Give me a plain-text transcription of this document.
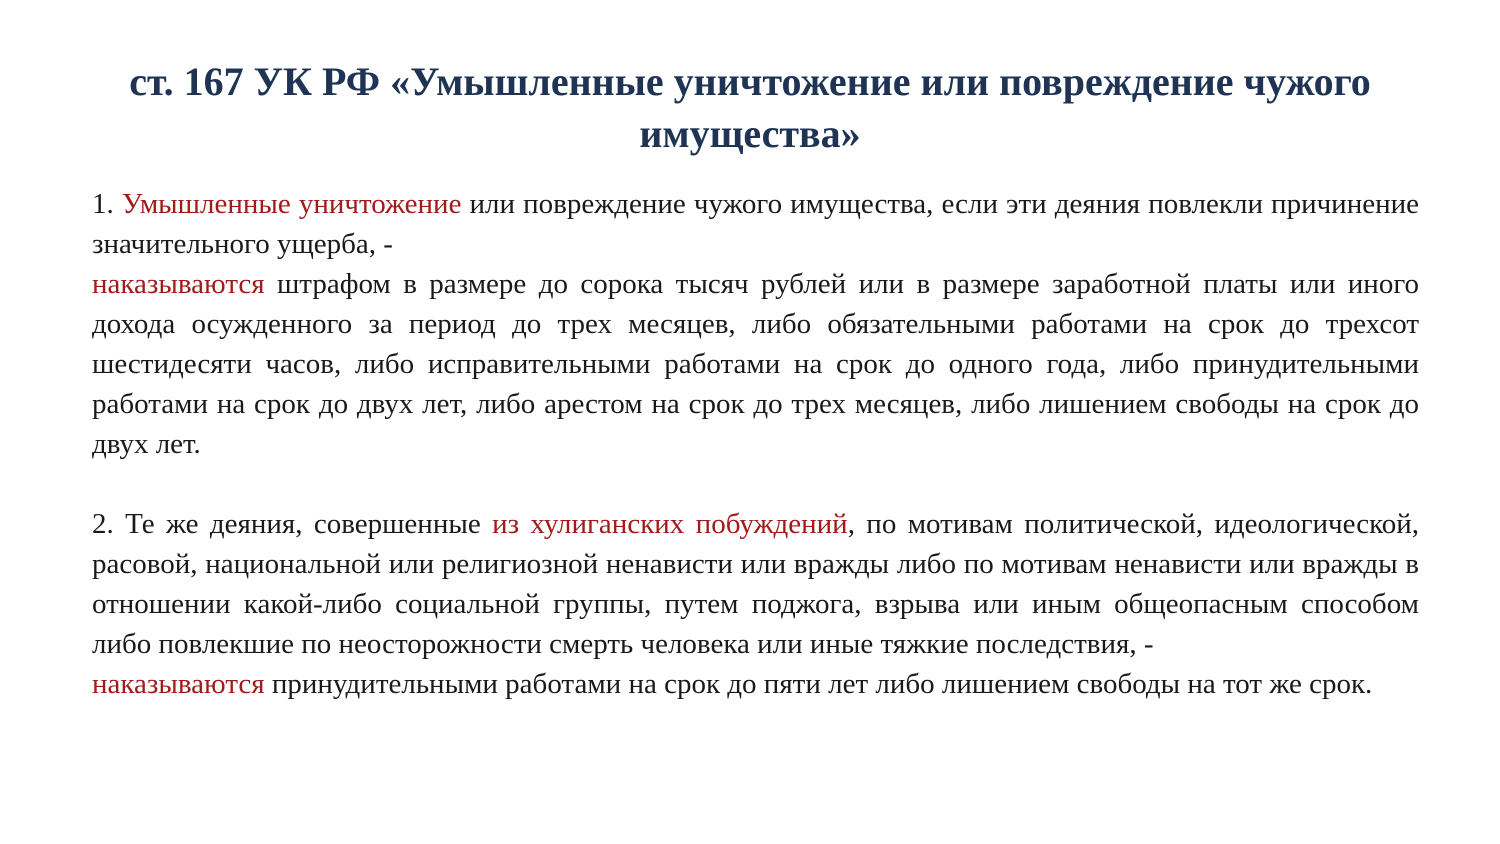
ст. 167 УК РФ «Умышленные уничтожение или повреждение чужого имущества»

1. Умышленные уничтожение или повреждение чужого имущества, если эти деяния повлекли причинение значительного ущерба, -

наказываются штрафом в размере до сорока тысяч рублей или в размере заработной платы или иного дохода осужденного за период до трех месяцев, либо обязательными работами на срок до трехсот шестидесяти часов, либо исправительными работами на срок до одного года, либо принудительными работами на срок до двух лет, либо арестом на срок до трех месяцев, либо лишением свободы на срок до двух лет.

2. Те же деяния, совершенные из хулиганских побуждений, по мотивам политической, идеологической, расовой, национальной или религиозной ненависти или вражды либо по мотивам ненависти или вражды в отношении какой-либо социальной группы, путем поджога, взрыва или иным общеопасным способом либо повлекшие по неосторожности смерть человека или иные тяжкие последствия, -

наказываются принудительными работами на срок до пяти лет либо лишением свободы на тот же срок.
